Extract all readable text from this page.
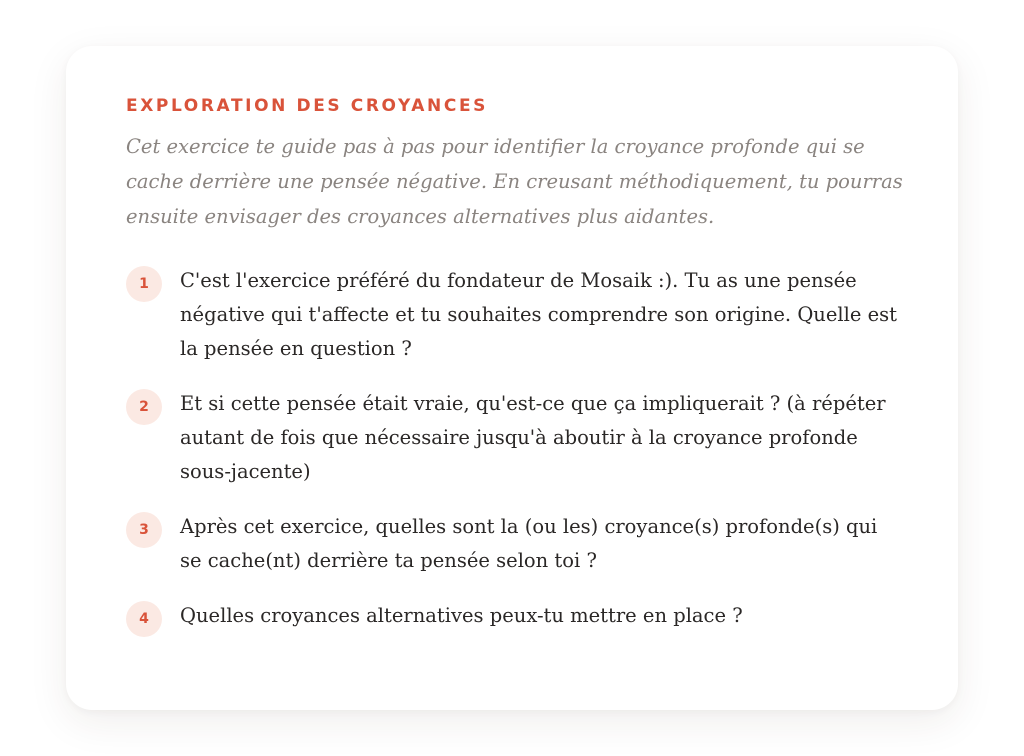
EXPLORATION DES CROYANCES

Cet exercice te guide pas à pas pour identifier la croyance profonde qui se cache derrière une pensée négative. En creusant méthodiquement, tu pourras ensuite envisager des croyances alternatives plus aidantes.

1	C'est l'exercice préféré du fondateur de Mosaik :). Tu as une pensée négative qui t'affecte et tu souhaites comprendre son origine. Quelle est la pensée en question ?
2	Et si cette pensée était vraie, qu'est-ce que ça impliquerait ? (à répéter autant de fois que nécessaire jusqu'à aboutir à la croyance profonde sous-jacente)
3	Après cet exercice, quelles sont la (ou les) croyance(s) profonde(s) qui se cache(nt) derrière ta pensée selon toi ?
4	Quelles croyances alternatives peux-tu mettre en place ?
